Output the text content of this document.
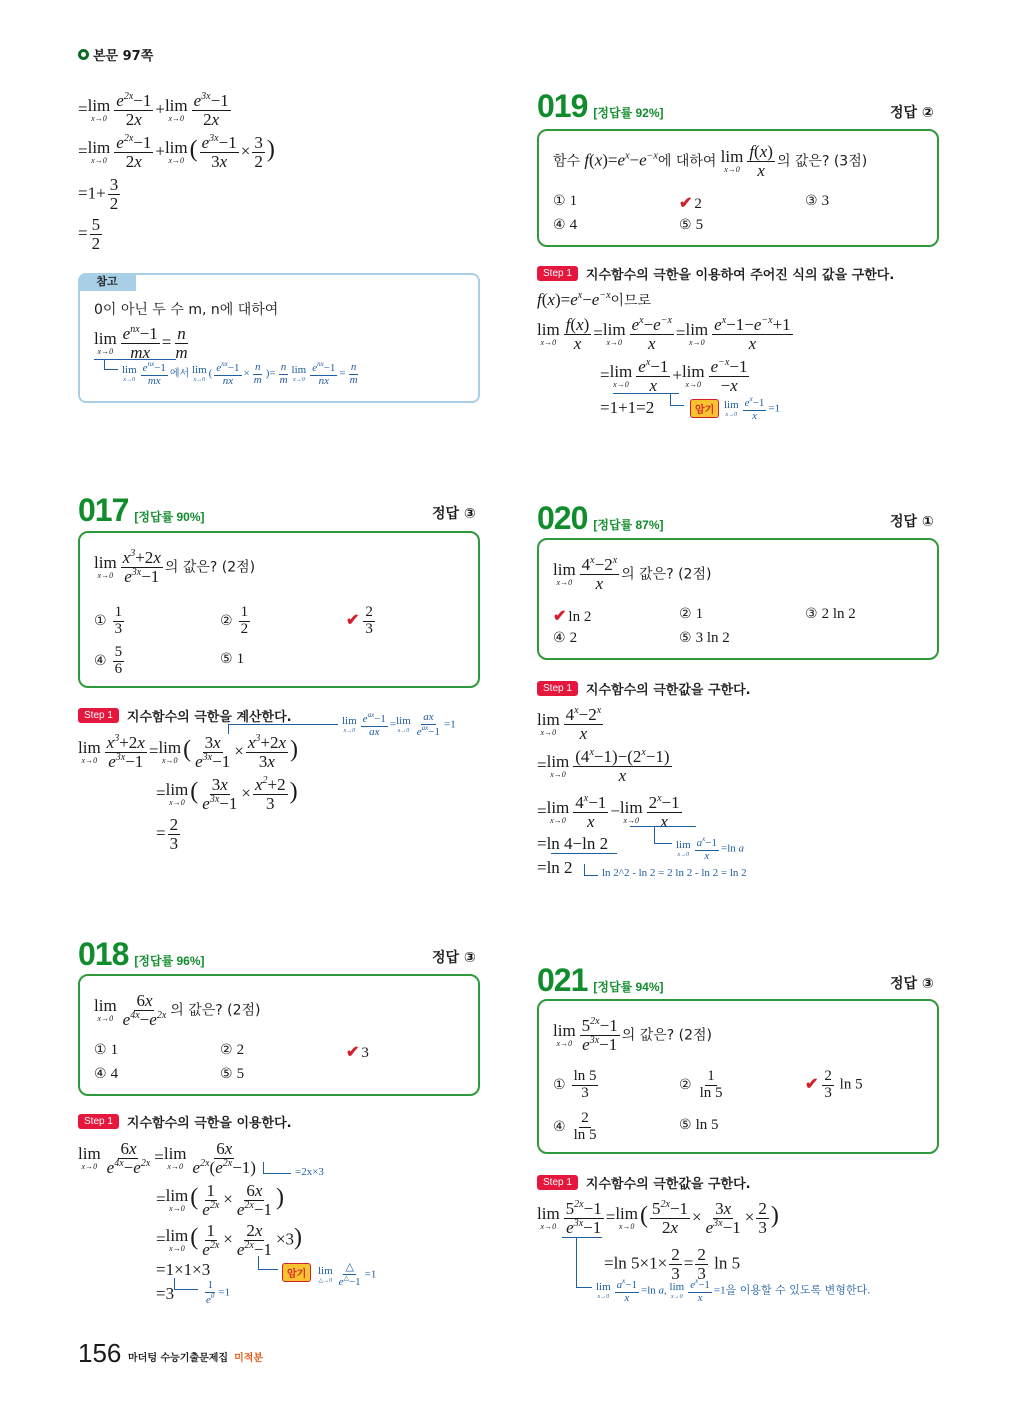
본문 97쪽
= lim
$x\to 0 \frac{e^{2x}-1}{2x} + \lim$
$x\to 0 \frac{e^{3x}-1}{2x}$
= lim
$x\to 0 \frac{e^{2x}-1}{2x} + \lim$
x→0 ( $\frac{e^{3x}-1}{3x} \times \frac{3}{2}$ )
$=1+ \frac{3}{2}$
= $\frac{5}{2}$
참고
0이 아닌 두 수 m, n에 대하여
lim
$x\to 0 \frac{e^{nx}-1}{mx} = \frac{n}{m}$
lim
$x\to 0 \frac{e^{nx}-1}{mx}$ 에서 lim
x→0
( $\frac{e^{nx}-1}{nx} \times \frac{n}{m}$ )= $\frac{n}{m}$ lim
$x\to 0 \frac{e^{nx}-1}{nx} = \frac{n}{m}$
017 [정답률 90%]	정답 ③
lim
$x\to 0 \frac{x^3+2x}{e^{3x}-1}$ 의 값은? (2점)
① $\frac{1}{3}$	② $\frac{1}{2}$	✔ $\frac{2}{3}$
④ $\frac{5}{6}$	⑤ 1
Step 1	지수함수의 극한을 계산한다.	lim
$x\to 0 \frac{e^{ax}-1}{ax} = \lim$
$x\to 0 \frac{ax}{e^{ax}-1} =1$
lim
$x\to 0 \frac{x^3+2x}{e^{3x}-1} = \lim$
x→0 ( $\frac{3x}{e^{3x}-1} \times \frac{x^3+2x}{3x}$ )
= lim
x→0 ( $\frac{3x}{e^{3x}-1} \times \frac{x^2+2}{3}$ )
= $\frac{2}{3}$
018 [정답률 96%]	정답 ③
lim
$x\to 0 \frac{6x}{e^{4x}-e^{2x}}$ 의 값은? (2점)
① 1	② 2	✔ 3
④ 4	⑤ 5
Step 1	지수함수의 극한을 이용한다.
lim
$x\to 0 \frac{6x}{e^{4x}-e^{2x}} = \lim$
$x\to 0 \frac{6x}{e^{2x}(e^{2x}-1)}$	=2x×3
= lim
x→0 ( $\frac{1}{e^{2x}} \times \frac{6x}{e^{2x}-1}$ )
= lim
x→0 ( $\frac{1}{e^{2x}} \times \frac{2x}{e^{2x}-1} \times 3$)
암기	lim
△→0 $\frac{\triangle}{e^\triangle-1} =1$
=1×1×3
=3	$\frac{1}{e^0} =1$
019 [정답률 92%]	정답 ②
함수 $f(x)=e^x-e^{-x}$에 대하여 lim
$x\to 0 \frac{f(x)}{x}$ 의 값은? (3점)
① 1	✔ 2	③ 3
④ 4	⑤ 5
Step 1	지수함수의 극한을 이용하여 주어진 식의 값을 구한다.
$f(x)=e^x-e^{-x}$이므로
lim
$x\to 0 \frac{f(x)}{x} = \lim$
$x\to 0 \frac{e^x-e^{-x}}{x} = \lim$
$x\to 0 \frac{e^x-1-e^{-x}+1}{x}$
= lim
$x\to 0 \frac{e^x-1}{x} + \lim$
$x\to 0 \frac{e^{-x}-1}{-x}$
=1+1=2	암기 lim
$x\to 0 \frac{e^x-1}{x} =1$
020 [정답률 87%]	정답 ①
lim
$x\to 0 \frac{4^x-2^x}{x}$ 의 값은? (2점)
✔ ln 2	② 1	③ 2 ln 2
④ 2	⑤ 3 ln 2
Step 1	지수함수의 극한값을 구한다.
lim
$x\to 0 \frac{4^x-2^x}{x}$
= lim
$x\to 0 \frac{(4^x-1)-(2^x-1)}{x}$
= lim
$x\to 0 \frac{4^x-1}{x} - \lim$
$x\to 0 \frac{2^x-1}{x}$
lim
$x\to 0 \frac{a^x-1}{x} =\ln$ a
=ln 4−ln 2
=ln 2	ln 2^2 - ln 2 = 2 ln 2 - ln 2 = ln 2
021 [정답률 94%]	정답 ③
lim
$x\to 0 \frac{5^{2x}-1}{e^{3x}-1}$ 의 값은? (2점)
① $\frac{\ln 5}{3}$	② $\frac{1}{\ln 5}$	✔ $\frac{2}{3}$ ln 5
④ $\frac{2}{\ln 5}$	⑤ ln 5
Step 1	지수함수의 극한값을 구한다.
lim
$x\to 0 \frac{5^{2x}-1}{e^{3x}-1} = \lim$
x→0 ( $\frac{5^{2x}-1}{2x} \times \frac{3x}{e^{3x}-1} \times \frac{2}{3}$ )
=ln $5\times 1\times \frac{2}{3} = \frac{2}{3}$ ln 5
lim
$x\to 0 \frac{a^x-1}{x} =\ln$ a, lim
$x\to 0 \frac{e^x-1}{x} =1$을 이용할 수 있도록 변형한다.
156 마더텅 수능기출문제집 미적분
